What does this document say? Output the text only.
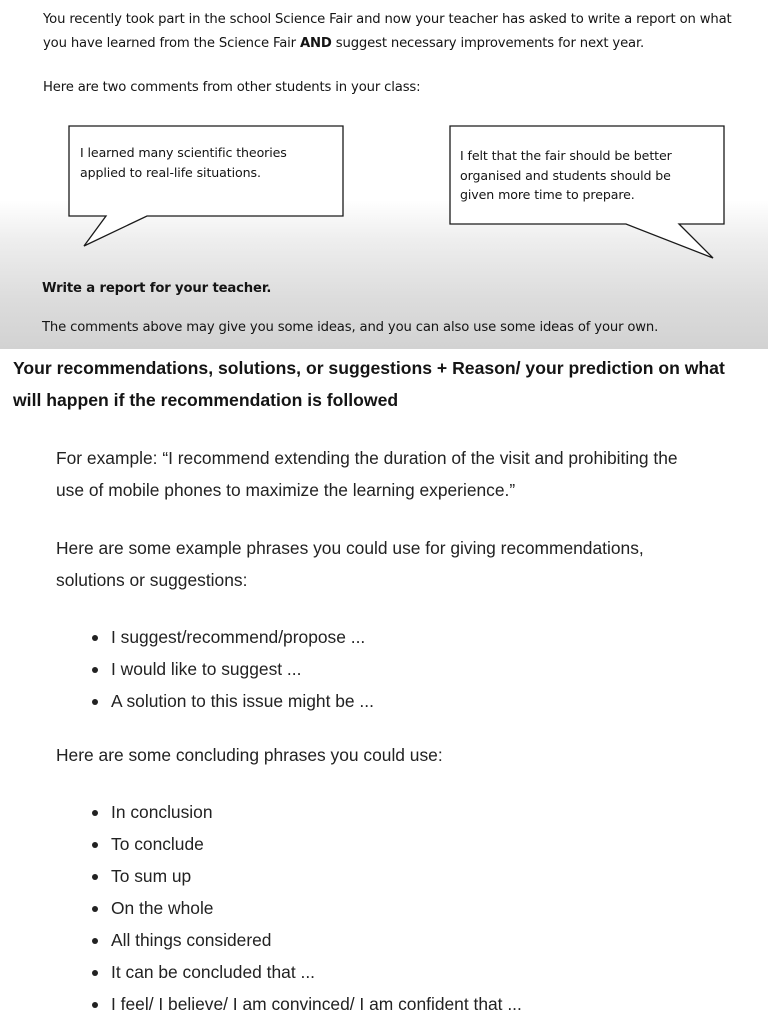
You recently took part in the school Science Fair and now your teacher has asked to write a report on what
you have learned from the Science Fair AND suggest necessary improvements for next year.
Here are two comments from other students in your class:
I learned many scientific theories
applied to real-life situations.
I felt that the fair should be better
organised and students should be
given more time to prepare.
Write a report for your teacher.
The comments above may give you some ideas, and you can also use some ideas of your own.
Your recommendations, solutions, or suggestions + Reason/ your prediction on what
will happen if the recommendation is followed
For example: “I recommend extending the duration of the visit and prohibiting the
use of mobile phones to maximize the learning experience.”
Here are some example phrases you could use for giving recommendations,
solutions or suggestions:
I suggest/recommend/propose ...
I would like to suggest ...
A solution to this issue might be ...
Here are some concluding phrases you could use:
In conclusion
To conclude
To sum up
On the whole
All things considered
It can be concluded that ...
I feel/ I believe/ I am convinced/ I am confident that ...
